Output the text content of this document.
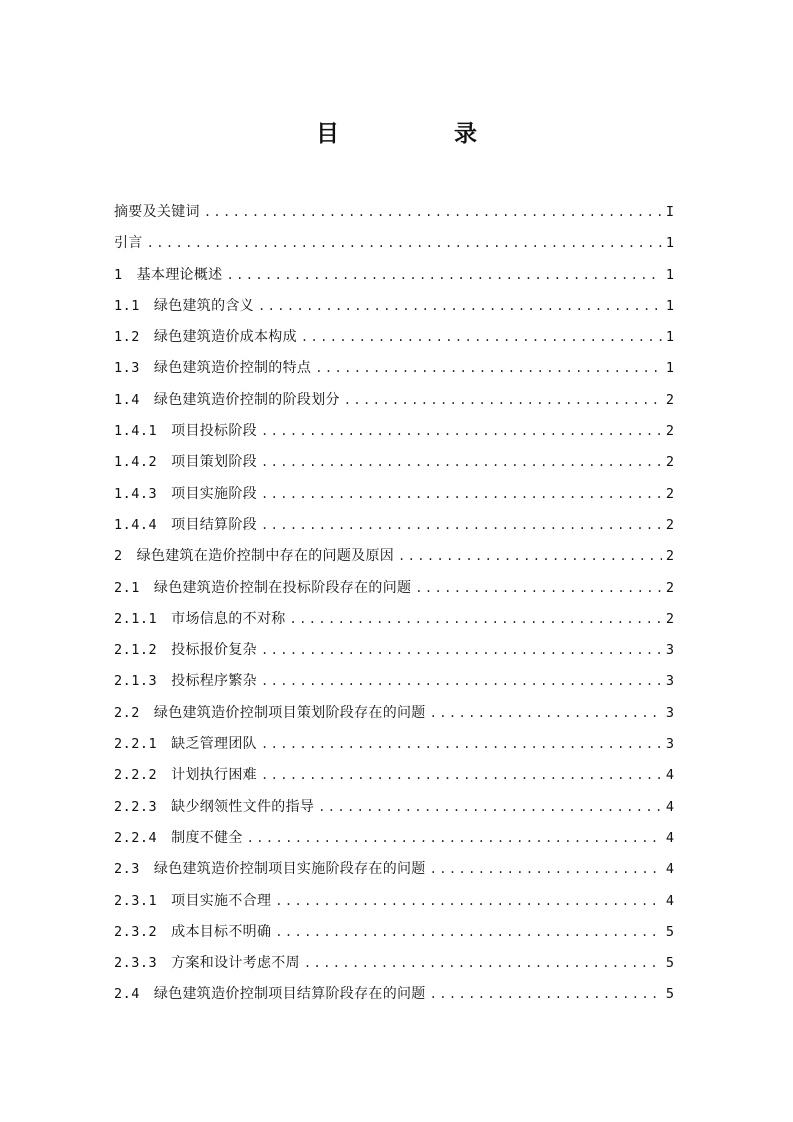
目　录
摘要及关键词 .....	I
引言 .....	1
1	基本理论概述 .....	1
1.1	绿色建筑的含义 .....	1
1.2	绿色建筑造价成本构成 .....	1
1.3	绿色建筑造价控制的特点 .....	1
1.4	绿色建筑造价控制的阶段划分 .....	2
1.4.1	项目投标阶段 .....	2
1.4.2	项目策划阶段 .....	2
1.4.3	项目实施阶段 .....	2
1.4.4	项目结算阶段 .....	2
2	绿色建筑在造价控制中存在的问题及原因 .....	2
2.1	绿色建筑造价控制在投标阶段存在的问题 .....	2
2.1.1	市场信息的不对称 .....	2
2.1.2	投标报价复杂 .....	3
2.1.3	投标程序繁杂 .....	3
2.2	绿色建筑造价控制项目策划阶段存在的问题 .....	3
2.2.1	缺乏管理团队 .....	3
2.2.2	计划执行困难 .....	4
2.2.3	缺少纲领性文件的指导 .....	4
2.2.4	制度不健全 .....	4
2.3	绿色建筑造价控制项目实施阶段存在的问题 .....	4
2.3.1	项目实施不合理 .....	4
2.3.2	成本目标不明确 .....	5
2.3.3	方案和设计考虑不周 .....	5
2.4	绿色建筑造价控制项目结算阶段存在的问题 .....	5
